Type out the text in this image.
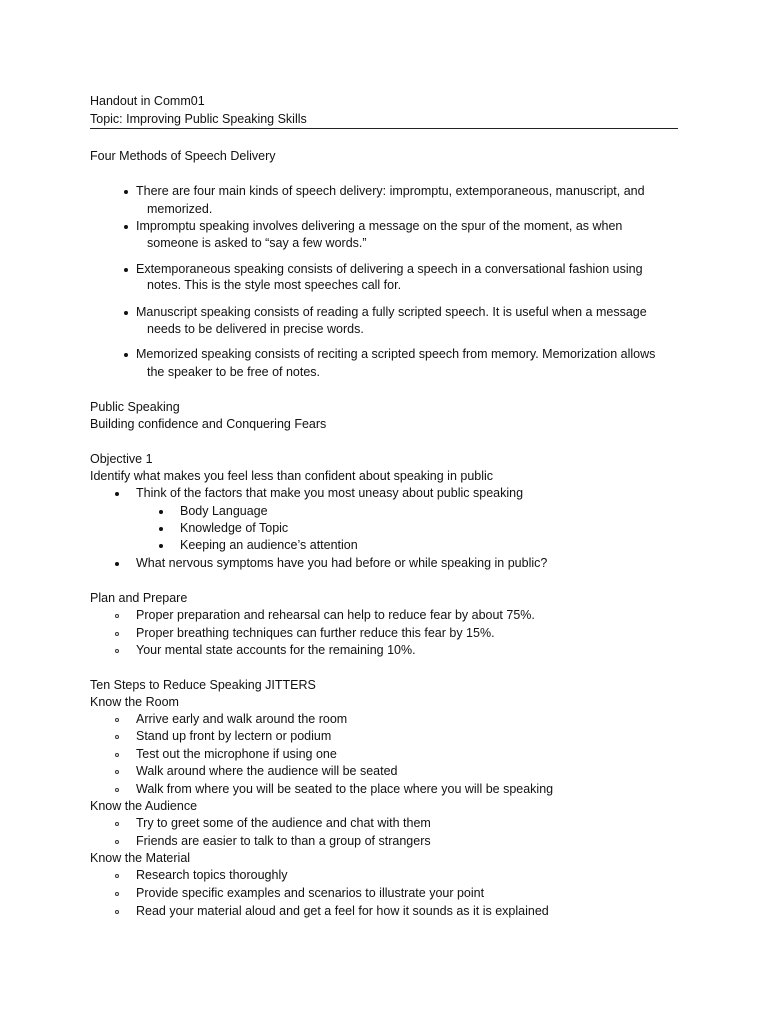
Handout in Comm01
Topic: Improving Public Speaking Skills
Four Methods of Speech Delivery
There are four main kinds of speech delivery: impromptu, extemporaneous, manuscript, and
memorized.
Impromptu speaking involves delivering a message on the spur of the moment, as when
someone is asked to “say a few words.”
Extemporaneous speaking consists of delivering a speech in a conversational fashion using
notes. This is the style most speeches call for.
Manuscript speaking consists of reading a fully scripted speech. It is useful when a message
needs to be delivered in precise words.
Memorized speaking consists of reciting a scripted speech from memory. Memorization allows
the speaker to be free of notes.
Public Speaking
Building confidence and Conquering Fears
Objective 1
Identify what makes you feel less than confident about speaking in public
Think of the factors that make you most uneasy about public speaking
Body Language
Knowledge of Topic
Keeping an audience’s attention
What nervous symptoms have you had before or while speaking in public?
Plan and Prepare
Proper preparation and rehearsal can help to reduce fear by about 75%.
Proper breathing techniques can further reduce this fear by 15%.
Your mental state accounts for the remaining 10%.
Ten Steps to Reduce Speaking JITTERS
Know the Room
Arrive early and walk around the room
Stand up front by lectern or podium
Test out the microphone if using one
Walk around where the audience will be seated
Walk from where you will be seated to the place where you will be speaking
Know the Audience
Try to greet some of the audience and chat with them
Friends are easier to talk to than a group of strangers
Know the Material
Research topics thoroughly
Provide specific examples and scenarios to illustrate your point
Read your material aloud and get a feel for how it sounds as it is explained
